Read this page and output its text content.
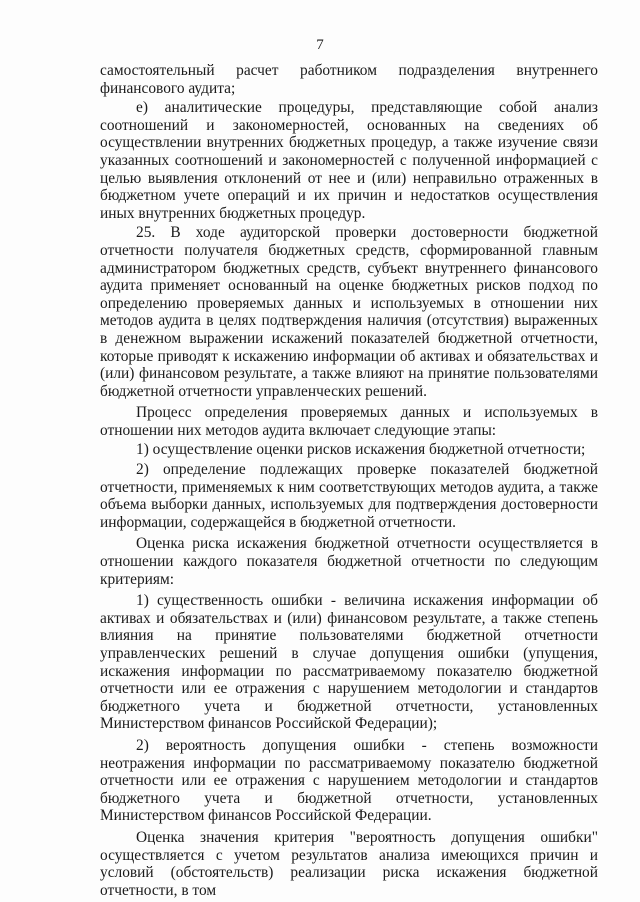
7

самостоятельный расчет работником подразделения внутреннего финансового аудита;

е) аналитические процедуры, представляющие собой анализ соотношений и закономерностей, основанных на сведениях об осуществлении внутренних бюджетных процедур, а также изучение связи указанных соотношений и закономерностей с полученной информацией с целью выявления отклонений от нее и (или) неправильно отраженных в бюджетном учете операций и их причин и недостатков осуществления иных внутренних бюджетных процедур.

25. В ходе аудиторской проверки достоверности бюджетной отчетности получателя бюджетных средств, сформированной главным администратором бюджетных средств, субъект внутреннего финансового аудита применяет основанный на оценке бюджетных рисков подход по определению проверяемых данных и используемых в отношении них методов аудита в целях подтверждения наличия (отсутствия) выраженных в денежном выражении искажений показателей бюджетной отчетности, которые приводят к искажению информации об активах и обязательствах и (или) финансовом результате, а также влияют на принятие пользователями бюджетной отчетности управленческих решений.

Процесс определения проверяемых данных и используемых в отношении них методов аудита включает следующие этапы:

1) осуществление оценки рисков искажения бюджетной отчетности;

2) определение подлежащих проверке показателей бюджетной отчетности, применяемых к ним соответствующих методов аудита, а также объема выборки данных, используемых для подтверждения достоверности информации, содержащейся в бюджетной отчетности.

Оценка риска искажения бюджетной отчетности осуществляется в отношении каждого показателя бюджетной отчетности по следующим критериям:

1) существенность ошибки - величина искажения информации об активах и обязательствах и (или) финансовом результате, а также степень влияния на принятие пользователями бюджетной отчетности управленческих решений в случае допущения ошибки (упущения, искажения информации по рассматриваемому показателю бюджетной отчетности или ее отражения с нарушением методологии и стандартов бюджетного учета и бюджетной отчетности, установленных Министерством финансов Российской Федерации);

2) вероятность допущения ошибки - степень возможности неотражения информации по рассматриваемому показателю бюджетной отчетности или ее отражения с нарушением методологии и стандартов бюджетного учета и бюджетной отчетности, установленных Министерством финансов Российской Федерации.

Оценка значения критерия "вероятность допущения ошибки" осуществляется с учетом результатов анализа имеющихся причин и условий (обстоятельств) реализации риска искажения бюджетной отчетности, в том
